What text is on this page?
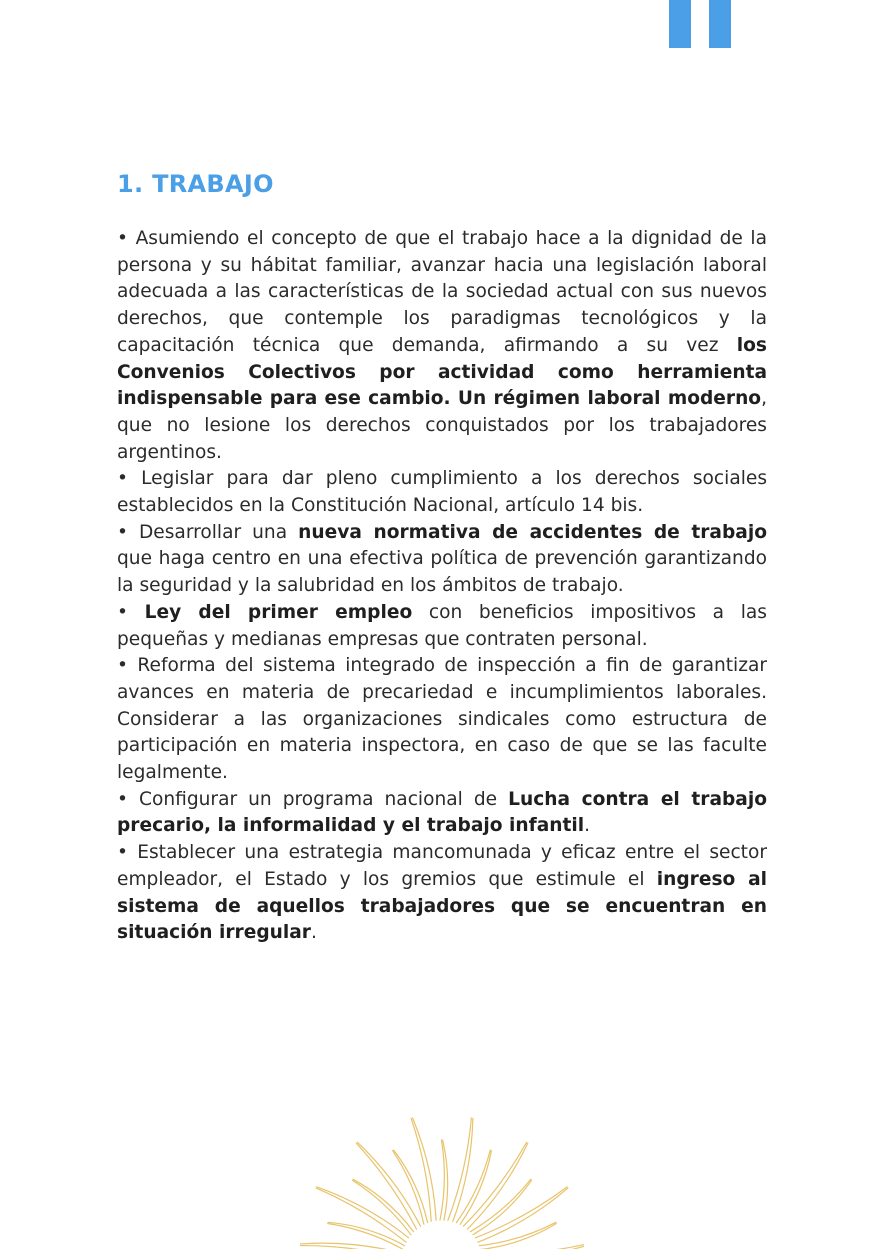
1. TRABAJO

• Asumiendo el concepto de que el trabajo hace a la dignidad de la persona y su hábitat familiar, avanzar hacia una legislación laboral adecuada a las características de la sociedad actual con sus nuevos derechos, que contemple los paradigmas tecnológicos y la capacitación técnica que demanda, afirmando a su vez los Convenios Colectivos por actividad como herramienta indispensable para ese cambio. Un régimen laboral moderno, que no lesione los derechos conquistados por los trabajadores argentinos.

• Legislar para dar pleno cumplimiento a los derechos sociales establecidos en la Constitución Nacional, artículo 14 bis.

• Desarrollar una nueva normativa de accidentes de trabajo que haga centro en una efectiva política de prevención garantizando la seguridad y la salubridad en los ámbitos de trabajo.

• Ley del primer empleo con beneficios impositivos a las pequeñas y medianas empresas que contraten personal.

• Reforma del sistema integrado de inspección a fin de garantizar avances en materia de precariedad e incumplimientos laborales. Considerar a las organizaciones sindicales como estructura de participación en materia inspectora, en caso de que se las faculte legalmente.

• Configurar un programa nacional de Lucha contra el trabajo precario, la informalidad y el trabajo infantil.

• Establecer una estrategia mancomunada y eficaz entre el sector empleador, el Estado y los gremios que estimule el ingreso al sistema de aquellos trabajadores que se encuentran en situación irregular.
